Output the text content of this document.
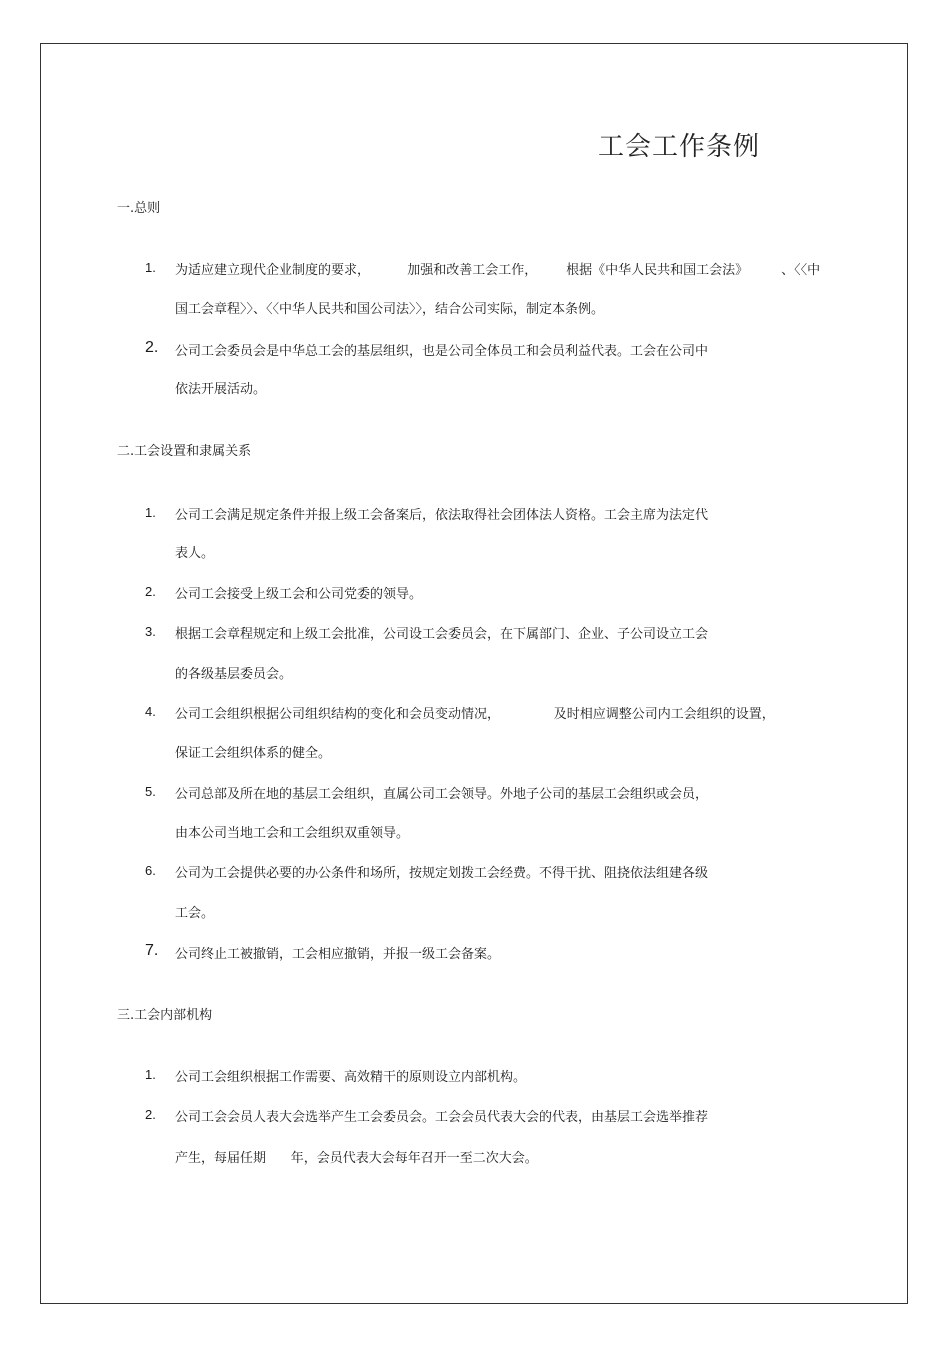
工会工作条例
一.总则
1. 为适应建立现代企业制度的要求，         加强和改善工会工作，       根据《中华人民共和国工会法》        、〈〈中
国工会章程〉〉、〈〈中华人民共和国公司法〉〉，结合公司实际，制定本条例。
2. 公司工会委员会是中华总工会的基层组织，也是公司全体员工和会员利益代表。工会在公司中
依法开展活动。
二.工会设置和隶属关系
1. 公司工会满足规定条件并报上级工会备案后，依法取得社会团体法人资格。工会主席为法定代
表人。
2. 公司工会接受上级工会和公司党委的领导。
3. 根据工会章程规定和上级工会批准，公司设工会委员会，在下属部门、企业、子公司设立工会
的各级基层委员会。
4. 公司工会组织根据公司组织结构的变化和会员变动情况，             及时相应调整公司内工会组织的设置，
保证工会组织体系的健全。
5. 公司总部及所在地的基层工会组织，直属公司工会领导。外地子公司的基层工会组织或会员，
由本公司当地工会和工会组织双重领导。
6. 公司为工会提供必要的办公条件和场所，按规定划拨工会经费。不得干扰、阻挠依法组建各级
工会。
7. 公司终止工被撤销，工会相应撤销，并报一级工会备案。
三.工会内部机构
1. 公司工会组织根据工作需要、高效精干的原则设立内部机构。
2. 公司工会会员人表大会选举产生工会委员会。工会会员代表大会的代表，由基层工会选举推荐
产生，每届任期      年，会员代表大会每年召开一至二次大会。
